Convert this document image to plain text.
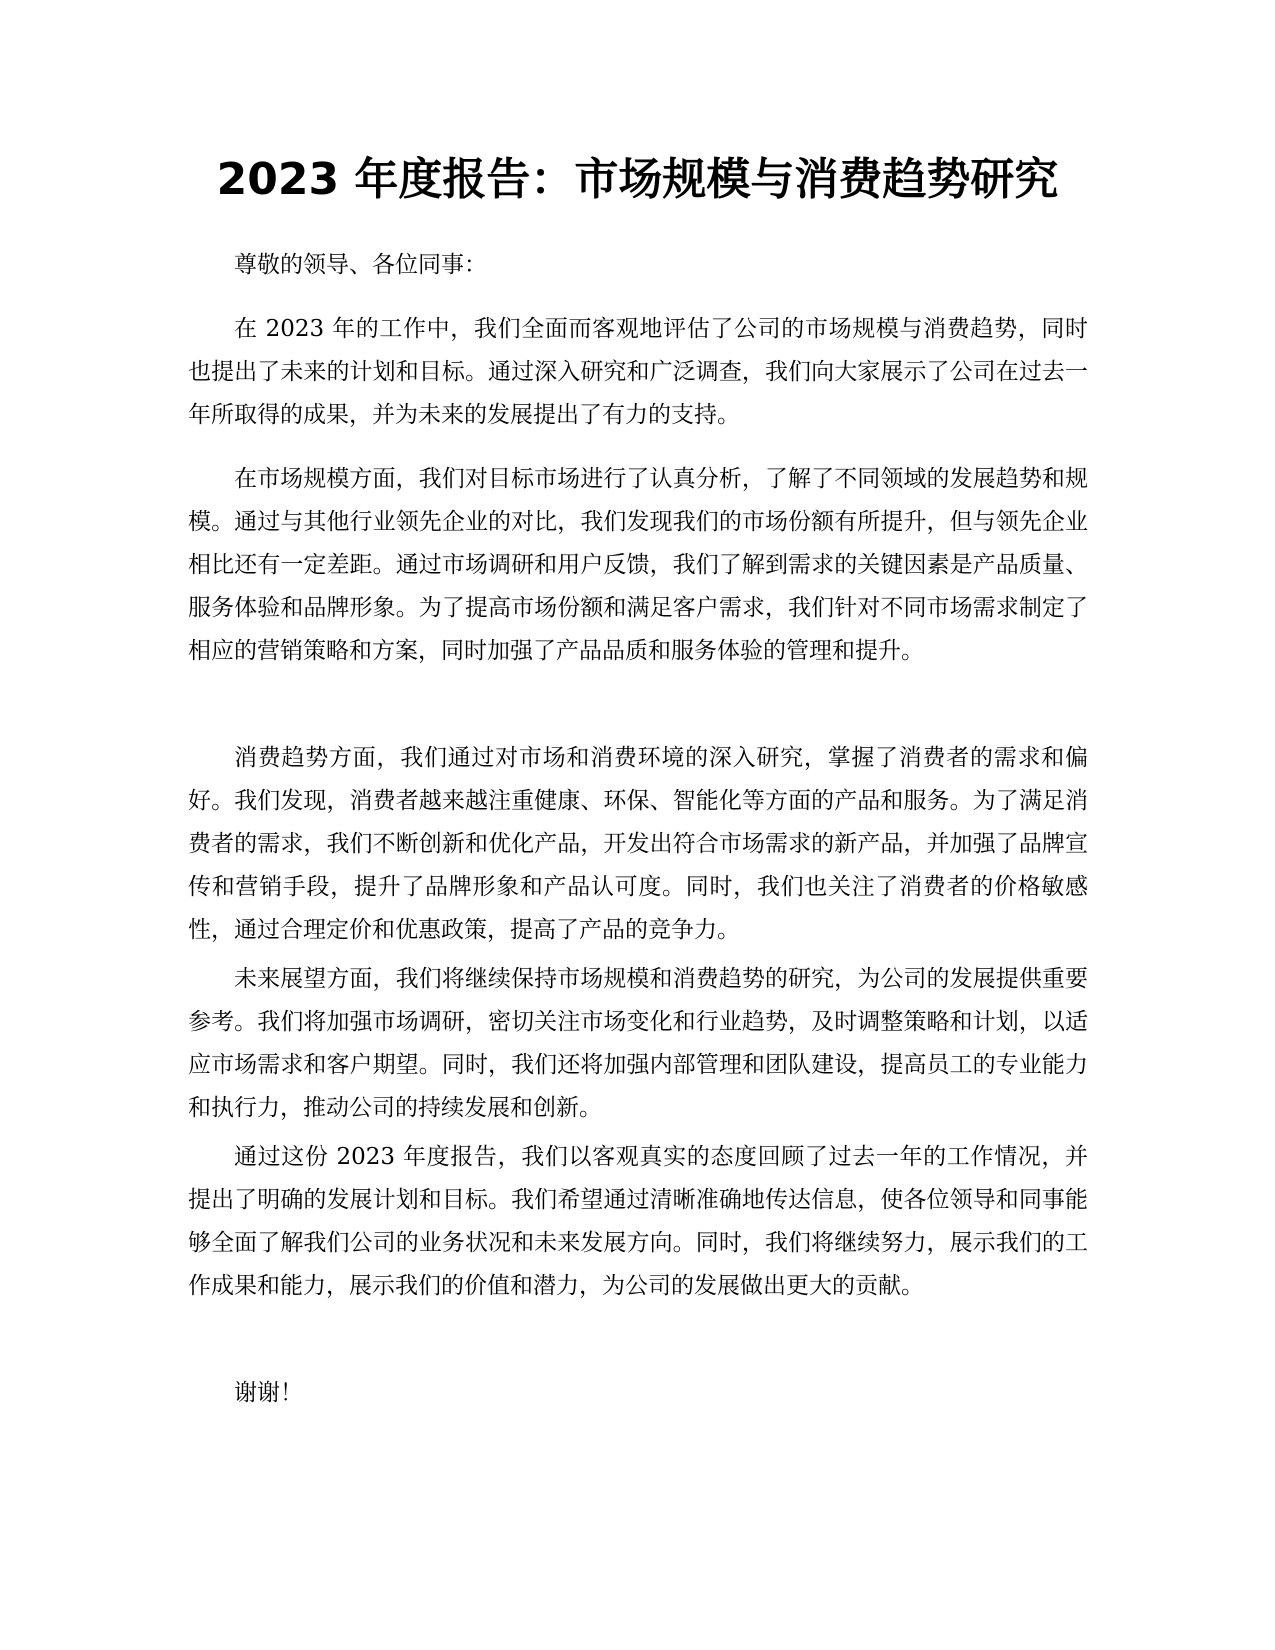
2023 年度报告：市场规模与消费趋势研究

尊敬的领导、各位同事：

在 2023 年的工作中，我们全面而客观地评估了公司的市场规模与消费趋势，同时也提出了未来的计划和目标。通过深入研究和广泛调查，我们向大家展示了公司在过去一年所取得的成果，并为未来的发展提出了有力的支持。

在市场规模方面，我们对目标市场进行了认真分析，了解了不同领域的发展趋势和规模。通过与其他行业领先企业的对比，我们发现我们的市场份额有所提升，但与领先企业相比还有一定差距。通过市场调研和用户反馈，我们了解到需求的关键因素是产品质量、服务体验和品牌形象。为了提高市场份额和满足客户需求，我们针对不同市场需求制定了相应的营销策略和方案，同时加强了产品品质和服务体验的管理和提升。

消费趋势方面，我们通过对市场和消费环境的深入研究，掌握了消费者的需求和偏好。我们发现，消费者越来越注重健康、环保、智能化等方面的产品和服务。为了满足消费者的需求，我们不断创新和优化产品，开发出符合市场需求的新产品，并加强了品牌宣传和营销手段，提升了品牌形象和产品认可度。同时，我们也关注了消费者的价格敏感性，通过合理定价和优惠政策，提高了产品的竞争力。

未来展望方面，我们将继续保持市场规模和消费趋势的研究，为公司的发展提供重要参考。我们将加强市场调研，密切关注市场变化和行业趋势，及时调整策略和计划，以适应市场需求和客户期望。同时，我们还将加强内部管理和团队建设，提高员工的专业能力和执行力，推动公司的持续发展和创新。

通过这份 2023 年度报告，我们以客观真实的态度回顾了过去一年的工作情况，并提出了明确的发展计划和目标。我们希望通过清晰准确地传达信息，使各位领导和同事能够全面了解我们公司的业务状况和未来发展方向。同时，我们将继续努力，展示我们的工作成果和能力，展示我们的价值和潜力，为公司的发展做出更大的贡献。

谢谢！
